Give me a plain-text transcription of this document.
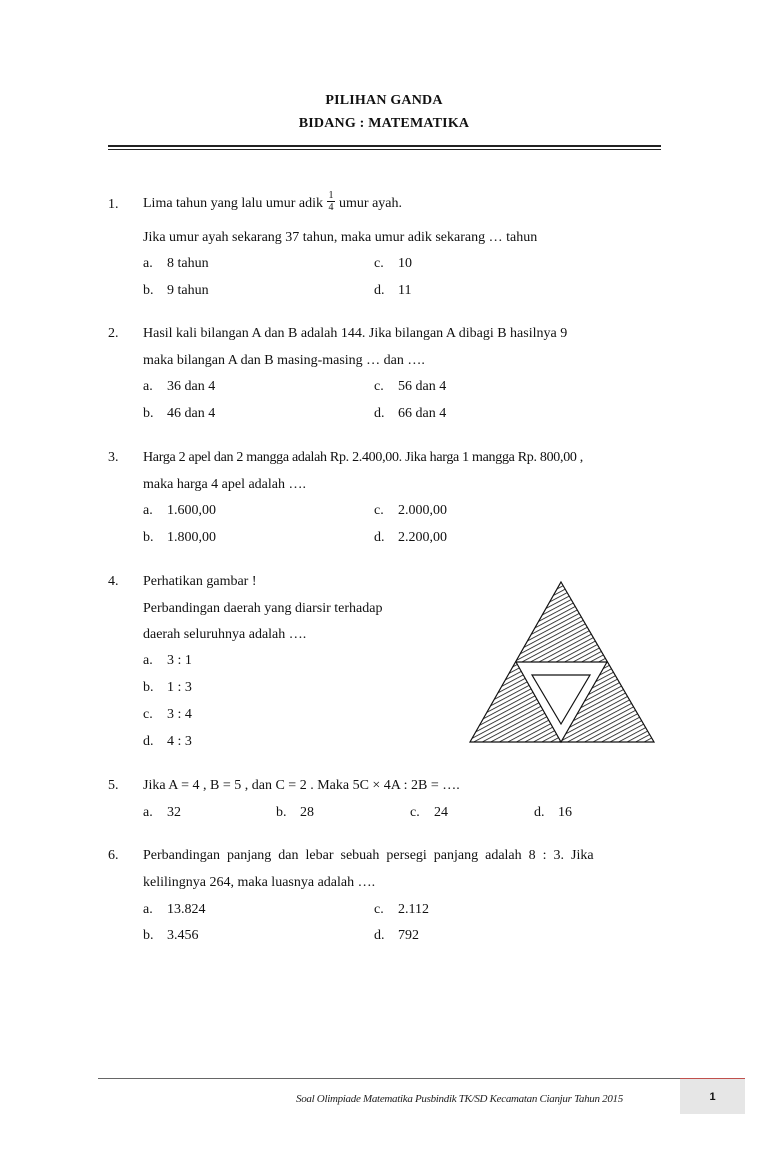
PILIHAN GANDA
BIDANG : MATEMATIKA
1. Lima tahun yang lalu umur adik $\frac{1}{4}$ umur ayah.
Jika umur ayah sekarang 37 tahun, maka umur adik sekarang … tahun
a. 8 tahun	c. 10
b. 9 tahun	d. 11
2. Hasil kali bilangan A dan B adalah 144. Jika bilangan A dibagi B hasilnya 9
maka bilangan A dan B masing-masing … dan ….
a. 36 dan 4	c. 56 dan 4
b. 46 dan 4	d. 66 dan 4
3. Harga 2 apel dan 2 mangga adalah Rp. 2.400,00. Jika harga 1 mangga Rp. 800,00 ,
maka harga 4 apel adalah ….
a. 1.600,00	c. 2.000,00
b. 1.800,00	d. 2.200,00
4. Perhatikan gambar !
Perbandingan daerah yang diarsir terhadap
daerah seluruhnya adalah ….
a. 3 : 1
b. 1 : 3
c. 3 : 4
d. 4 : 3
5. Jika A = 4 , B = 5 , dan C = 2 . Maka 5C × 4A : 2B = ….
a. 32	b. 28	c. 24	d. 16
6. Perbandingan  panjang  dan  lebar  sebuah  persegi  panjang  adalah  8  :  3.  Jika
kelilingnya 264, maka luasnya adalah ….
a. 13.824	c. 2.112
b. 3.456	d. 792
Soal Olimpiade Matematika Pusbindik TK/SD Kecamatan Cianjur Tahun 2015	1
